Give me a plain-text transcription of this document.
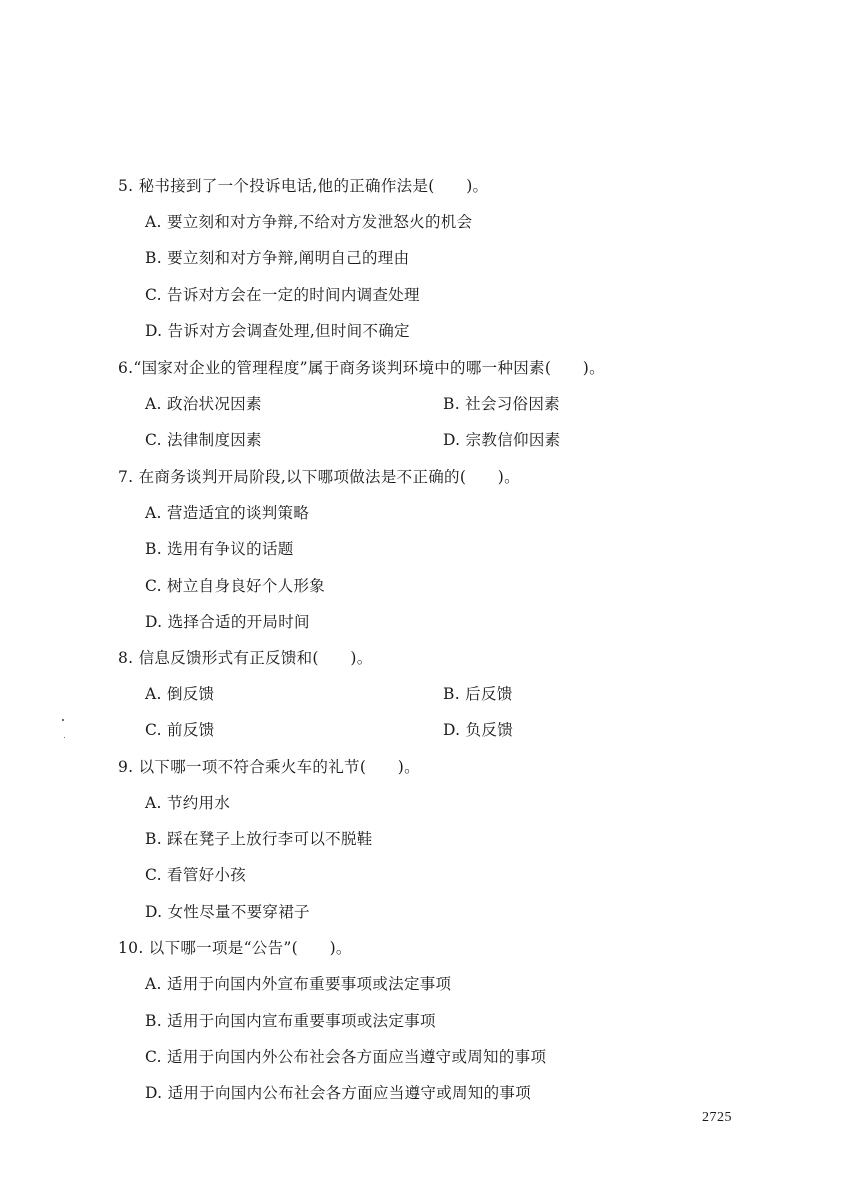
5. 秘书接到了一个投诉电话,他的正确作法是(　　)。
A. 要立刻和对方争辩,不给对方发泄怒火的机会
B. 要立刻和对方争辩,阐明自己的理由
C. 告诉对方会在一定的时间内调查处理
D. 告诉对方会调查处理,但时间不确定
6.“国家对企业的管理程度”属于商务谈判环境中的哪一种因素(　　)。
A. 政治状况因素	B. 社会习俗因素
C. 法律制度因素	D. 宗教信仰因素
7. 在商务谈判开局阶段,以下哪项做法是不正确的(　　)。
A. 营造适宜的谈判策略
B. 选用有争议的话题
C. 树立自身良好个人形象
D. 选择合适的开局时间
8. 信息反馈形式有正反馈和(　　)。
A. 倒反馈	B. 后反馈
C. 前反馈	D. 负反馈
9. 以下哪一项不符合乘火车的礼节(　　)。
A. 节约用水
B. 踩在凳子上放行李可以不脱鞋
C. 看管好小孩
D. 女性尽量不要穿裙子
10. 以下哪一项是“公告”(　　)。
A. 适用于向国内外宣布重要事项或法定事项
B. 适用于向国内宣布重要事项或法定事项
C. 适用于向国内外公布社会各方面应当遵守或周知的事项
D. 适用于向国内公布社会各方面应当遵守或周知的事项
2725
